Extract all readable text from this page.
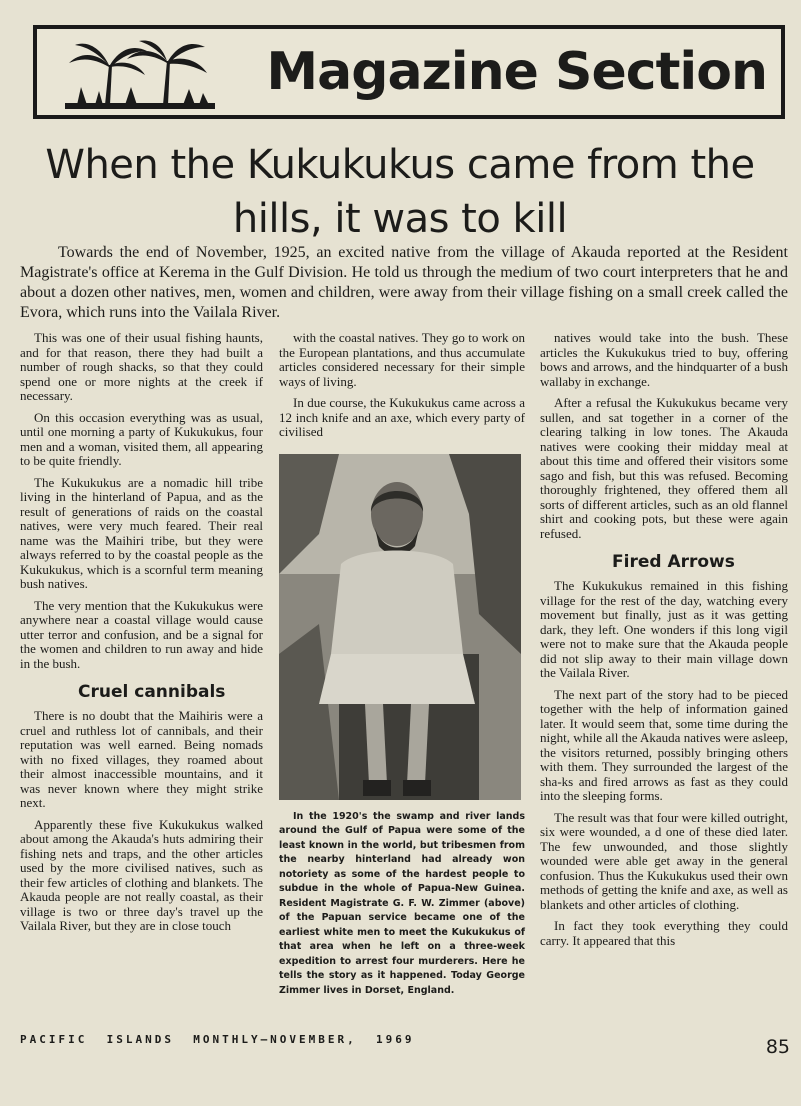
Magazine Section
When the Kukukukus came from the hills, it was to kill

Towards the end of November, 1925, an excited native from the village of Akauda reported at the Resident Magistrate's office at Kerema in the Gulf Division. He told us through the medium of two court interpreters that he and about a dozen other natives, men, women and children, were away from their village fishing on a small creek called the Evora, which runs into the Vailala River.

This was one of their usual fishing haunts, and for that reason, there they had built a number of rough shacks, so that they could spend one or more nights at the creek if necessary.

On this occasion everything was as usual, until one morning a party of Kukukukus, four men and a woman, visited them, all appearing to be quite friendly.

The Kukukukus are a nomadic hill tribe living in the hinterland of Papua, and as the result of generations of raids on the coastal natives, were very much feared. Their real name was the Maihiri tribe, but they were always referred to by the coastal people as the Kukukukus, which is a scornful term meaning bush natives.

The very mention that the Kukukukus were anywhere near a coastal village would cause utter terror and confusion, and be a signal for the women and children to run away and hide in the bush.

Cruel cannibals

There is no doubt that the Maihiris were a cruel and ruthless lot of cannibals, and their reputation was well earned. Being nomads with no fixed villages, they roamed about their almost inaccessible mountains, and it was never known where they might strike next.

Apparently these five Kukukukus walked about among the Akauda's huts admiring their fishing nets and traps, and the other articles used by the more civilised natives, such as their few articles of clothing and blankets. The Akauda people are not really coastal, as their village is two or three day's travel up the Vailala River, but they are in close touch

with the coastal natives. They go to work on the European plantations, and thus accumulate articles considered necessary for their simple ways of living.

In due course, the Kukukukus came across a 12 inch knife and an axe, which every party of civilised

In the 1920's the swamp and river lands around the Gulf of Papua were some of the least known in the world, but tribesmen from the nearby hinterland had already won notoriety as some of the hardest people to subdue in the whole of Papua-New Guinea. Resident Magistrate G. F. W. Zimmer (above) of the Papuan service became one of the earliest white men to meet the Kukukukus of that area when he left on a three-week expedition to arrest four murderers. Here he tells the story as it happened. Today George Zimmer lives in Dorset, England.

natives would take into the bush. These articles the Kukukukus tried to buy, offering bows and arrows, and the hindquarter of a bush wallaby in exchange.

After a refusal the Kukukukus became very sullen, and sat together in a corner of the clearing talking in low tones. The Akauda natives were cooking their midday meal at about this time and offered their visitors some sago and fish, but this was refused. Becoming thoroughly frightened, they offered them all sorts of different articles, such as an old flannel shirt and cooking pots, but these were again refused.

Fired Arrows

The Kukukukus remained in this fishing village for the rest of the day, watching every movement but finally, just as it was getting dark, they left. One wonders if this long vigil were not to make sure that the Akauda people did not slip away to their main village down the Vailala River.

The next part of the story had to be pieced together with the help of information gained later. It would seem that, some time during the night, while all the Akauda natives were asleep, the visitors returned, possibly bringing others with them. They surrounded the largest of the sha-ks and fired arrows as fast as they could into the sleeping forms.

The result was that four were killed outright, six were wounded, a d one of these died later. The few unwounded, and those slightly wounded were able get away in the general confusion. Thus the Kukukukus used their own methods of getting the knife and axe, as well as blankets and other articles of clothing.

In fact they took everything they could carry. It appeared that this

PACIFIC  ISLANDS  MONTHLY—NOVEMBER,  1969	85
